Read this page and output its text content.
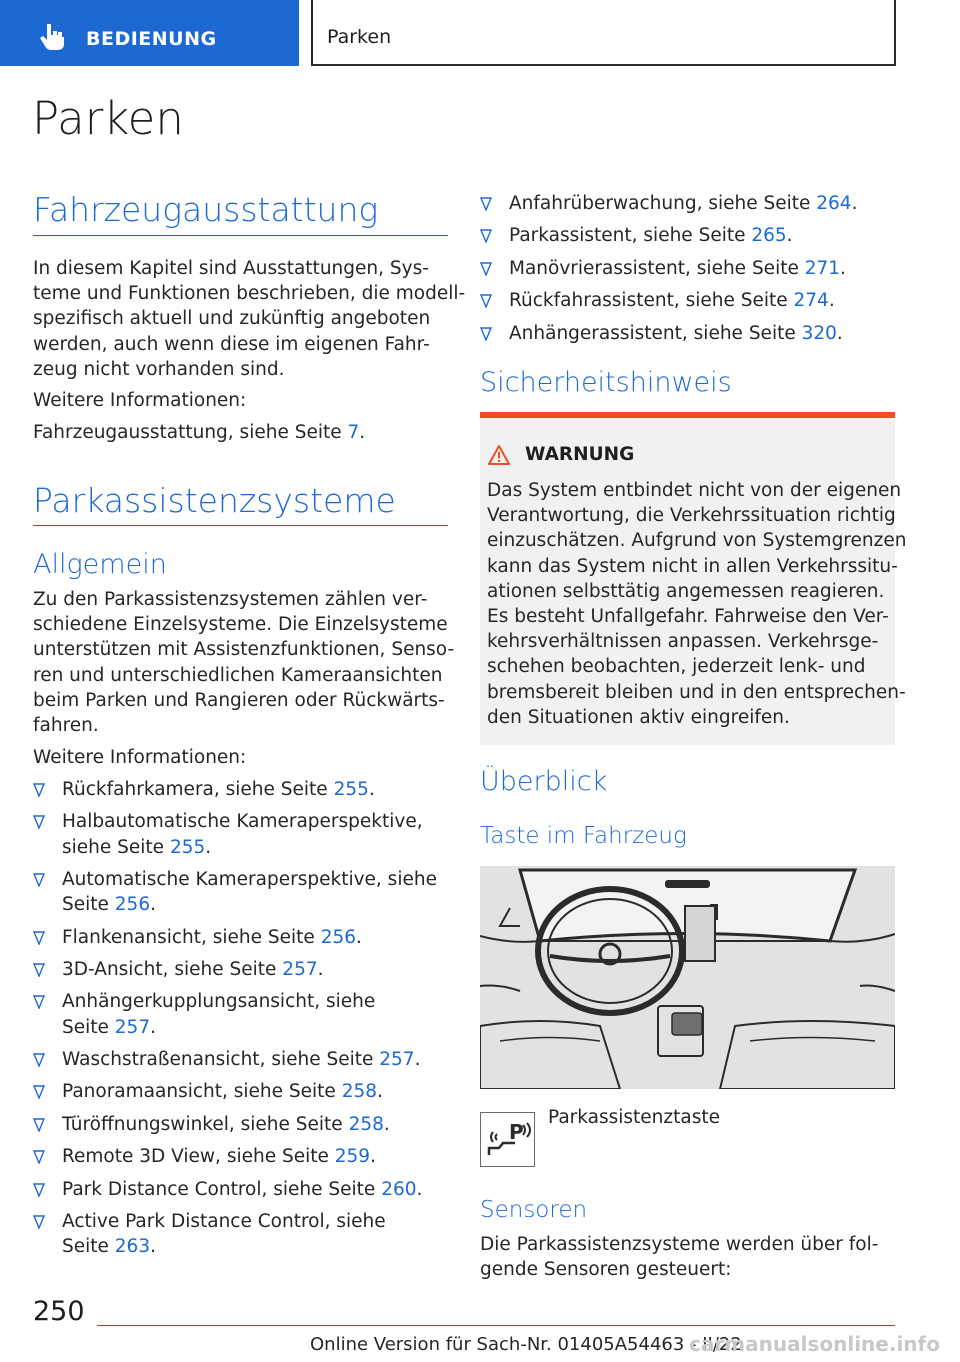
BEDIENUNG	Parken
Parken
Fahrzeugausstattung
In diesem Kapitel sind Ausstattungen, Sys-
teme und Funktionen beschrieben, die modell-
spezifisch aktuell und zukünftig angeboten
werden, auch wenn diese im eigenen Fahr-
zeug nicht vorhanden sind.
Weitere Informationen:
Fahrzeugausstattung, siehe Seite 7.
Parkassistenzsysteme
Allgemein
Zu den Parkassistenzsystemen zählen ver-
schiedene Einzelsysteme. Die Einzelsysteme
unterstützen mit Assistenzfunktionen, Senso-
ren und unterschiedlichen Kameraansichten
beim Parken und Rangieren oder Rückwärts-
fahren.
Weitere Informationen:
Rückfahrkamera, siehe Seite 255.
Halbautomatische Kameraperspektive,
siehe Seite 255.
Automatische Kameraperspektive, siehe
Seite 256.
Flankenansicht, siehe Seite 256.
3D-Ansicht, siehe Seite 257.
Anhängerkupplungsansicht, siehe
Seite 257.
Waschstraßenansicht, siehe Seite 257.
Panoramaansicht, siehe Seite 258.
Türöffnungswinkel, siehe Seite 258.
Remote 3D View, siehe Seite 259.
Park Distance Control, siehe Seite 260.
Active Park Distance Control, siehe
Seite 263.
Anfahrüberwachung, siehe Seite 264.
Parkassistent, siehe Seite 265.
Manövrierassistent, siehe Seite 271.
Rückfahrassistent, siehe Seite 274.
Anhängerassistent, siehe Seite 320.
Sicherheitshinweis
WARNUNG
Das System entbindet nicht von der eigenen
Verantwortung, die Verkehrssituation richtig
einzuschätzen. Aufgrund von Systemgrenzen
kann das System nicht in allen Verkehrssitu-
ationen selbsttätig angemessen reagieren.
Es besteht Unfallgefahr. Fahrweise den Ver-
kehrsverhältnissen anpassen. Verkehrsge-
schehen beobachten, jederzeit lenk- und
bremsbereit bleiben und in den entsprechen-
den Situationen aktiv eingreifen.
Überblick
Taste im Fahrzeug
P
Parkassistenztaste
Sensoren
Die Parkassistenzsysteme werden über fol-
gende Sensoren gesteuert:
250
Online Version für Sach-Nr. 01405A54463 - II/22
carmanualsonline.info
